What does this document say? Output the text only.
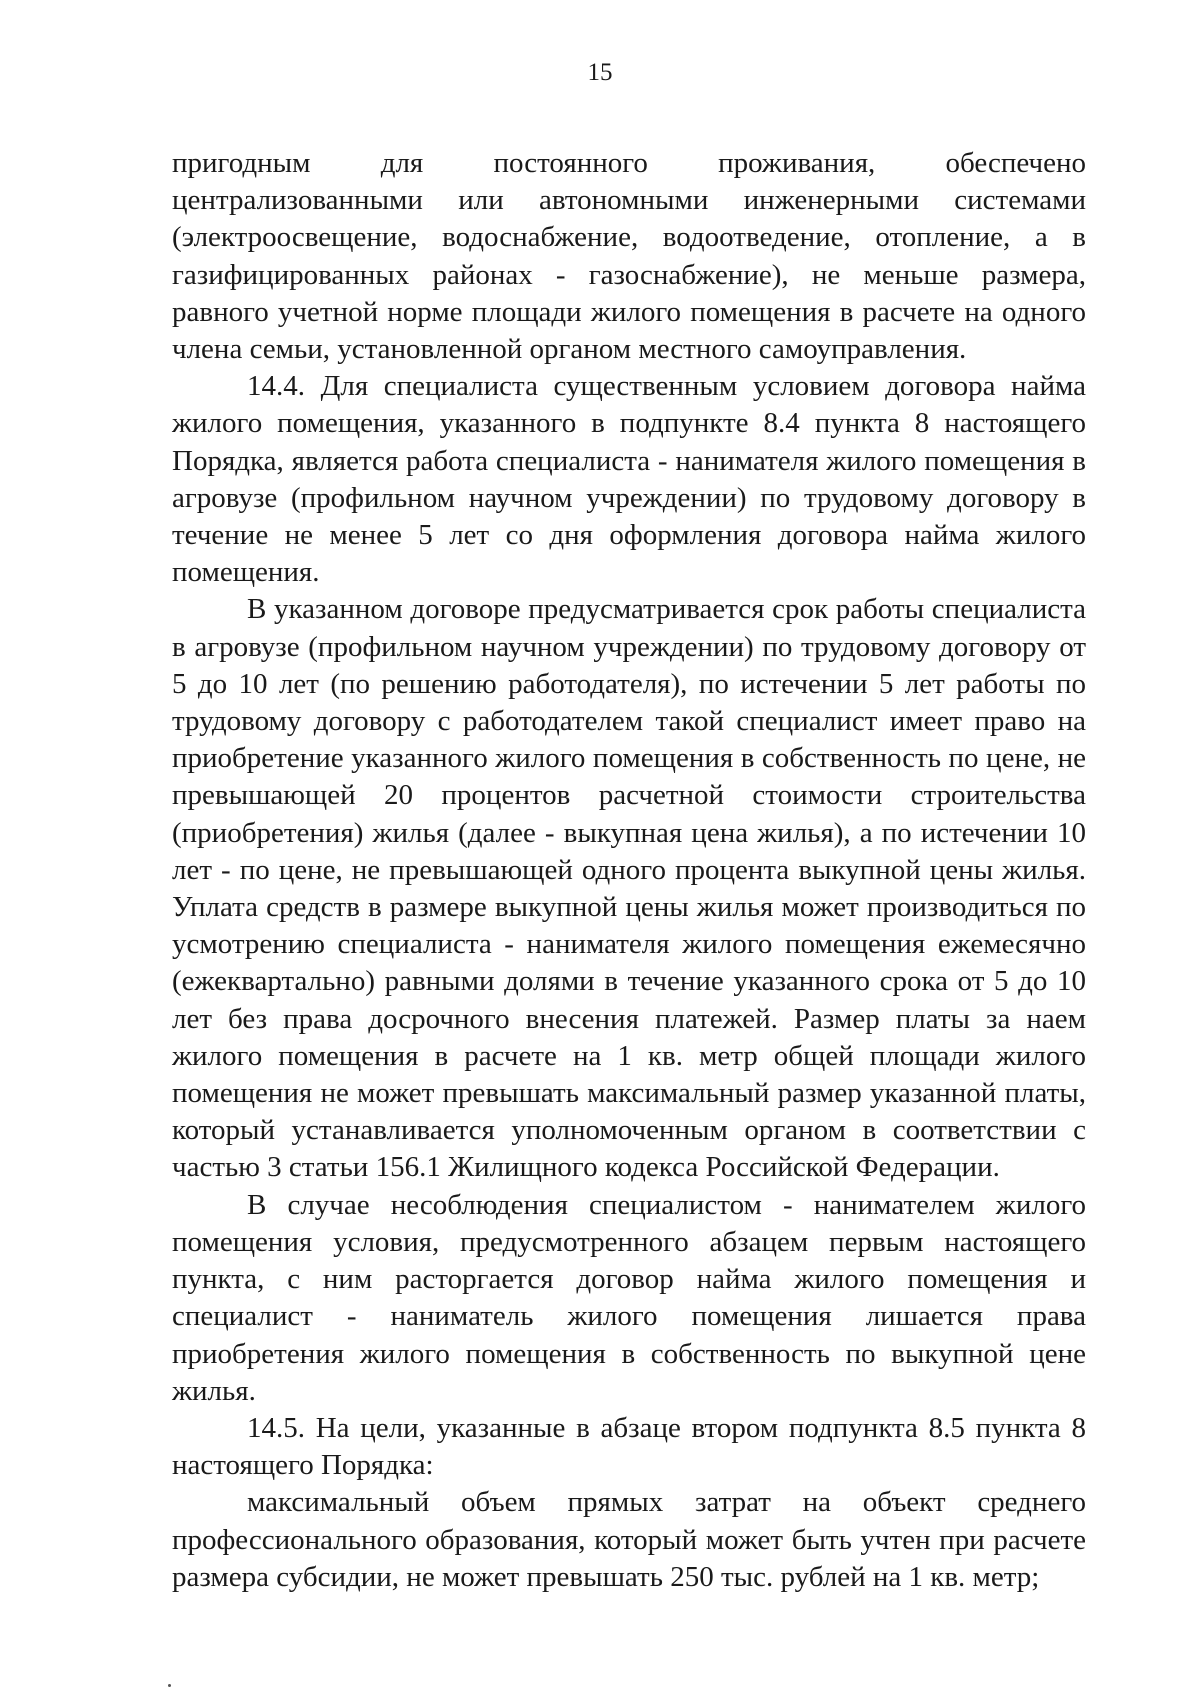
15

пригодным для постоянного проживания, обеспечено централизованными или автономными инженерными системами (электроосвещение, водоснабжение, водоотведение, отопление, а в газифицированных районах - газоснабжение), не меньше размера, равного учетной норме площади жилого помещения в расчете на одного члена семьи, установленной органом местного самоуправления.

14.4. Для специалиста существенным условием договора найма жилого помещения, указанного в подпункте 8.4 пункта 8 настоящего Порядка, является работа специалиста - нанимателя жилого помещения в агровузе (профильном научном учреждении) по трудовому договору в течение не менее 5 лет со дня оформления договора найма жилого помещения.

В указанном договоре предусматривается срок работы специалиста в агровузе (профильном научном учреждении) по трудовому договору от 5 до 10 лет (по решению работодателя), по истечении 5 лет работы по трудовому договору с работодателем такой специалист имеет право на приобретение указанного жилого помещения в собственность по цене, не превышающей 20 процентов расчетной стоимости строительства (приобретения) жилья (далее - выкупная цена жилья), а по истечении 10 лет - по цене, не превышающей одного процента выкупной цены жилья. Уплата средств в размере выкупной цены жилья может производиться по усмотрению специалиста - нанимателя жилого помещения ежемесячно (ежеквартально) равными долями в течение указанного срока от 5 до 10 лет без права досрочного внесения платежей. Размер платы за наем жилого помещения в расчете на 1 кв. метр общей площади жилого помещения не может превышать максимальный размер указанной платы, который устанавливается уполномоченным органом в соответствии с частью 3 статьи 156.1 Жилищного кодекса Российской Федерации.

В случае несоблюдения специалистом - нанимателем жилого помещения условия, предусмотренного абзацем первым настоящего пункта, с ним расторгается договор найма жилого помещения и специалист - наниматель жилого помещения лишается права приобретения жилого помещения в собственность по выкупной цене жилья.

14.5. На цели, указанные в абзаце втором подпункта 8.5 пункта 8 настоящего Порядка:

максимальный объем прямых затрат на объект среднего профессионального образования, который может быть учтен при расчете размера субсидии, не может превышать 250 тыс. рублей на 1 кв. метр;
